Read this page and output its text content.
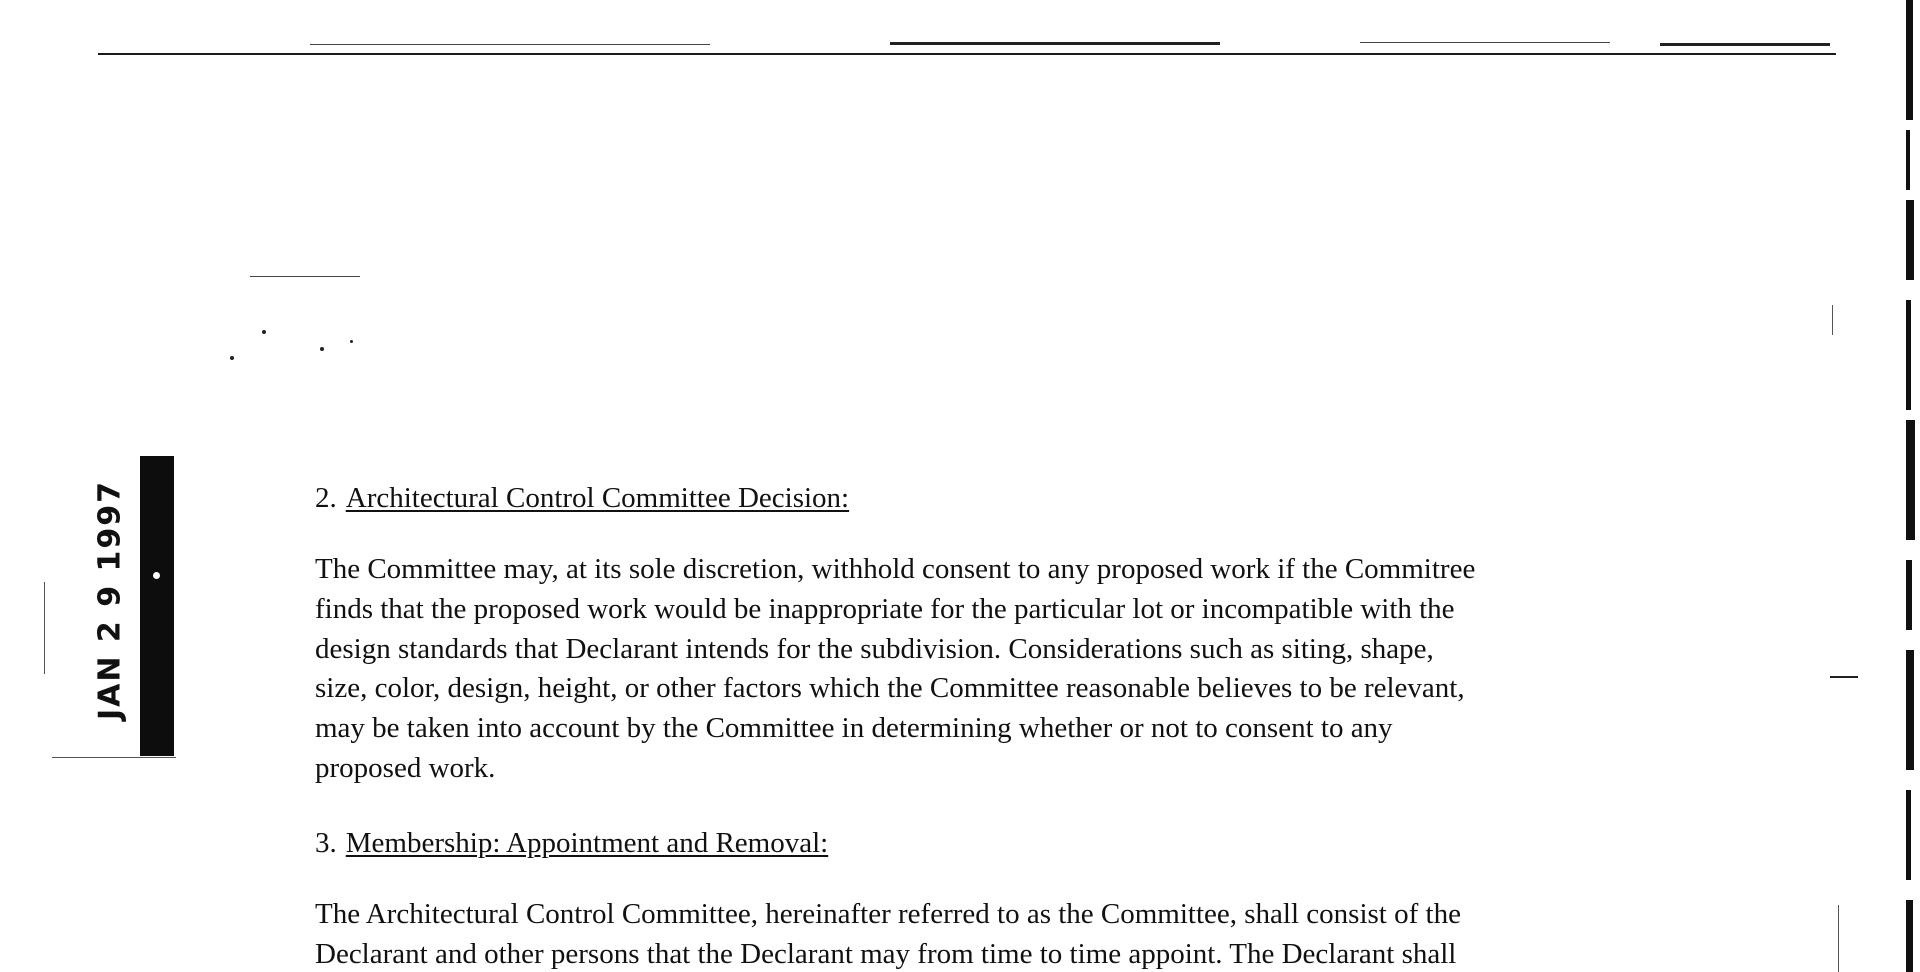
JAN 2 9 1997	2. Architectural Control Committee Decision:

The Committee may, at its sole discretion, withhold consent to any proposed work if the Commitree
finds that the proposed work would be inappropriate for the particular lot or incompatible with the
design standards that Declarant intends for the subdivision. Considerations such as siting, shape,
size, color, design, height, or other factors which the Committee reasonable believes to be relevant,
may be taken into account by the Committee in determining whether or not to consent to any
proposed work.

3. Membership: Appointment and Removal:

The Architectural Control Committee, hereinafter referred to as the Committee, shall consist of the
Declarant and other persons that the Declarant may from time to time appoint. The Declarant shall
